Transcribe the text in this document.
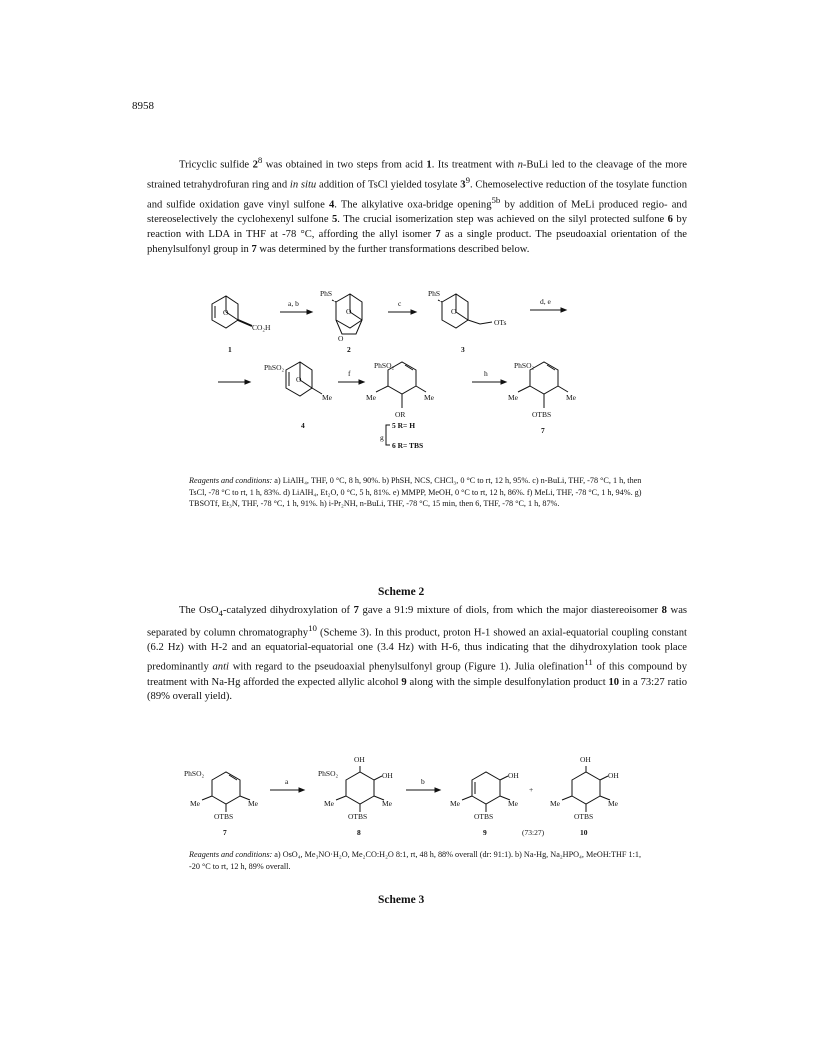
8958

Tricyclic sulfide $2^8$ was obtained in two steps from acid 1. Its treatment with n-BuLi led to the cleavage of the more strained tetrahydrofuran ring and in situ addition of TsCl yielded tosylate $3^9$. Chemoselective reduction of the tosylate function and sulfide oxidation gave vinyl sulfone 4. The alkylative oxa-bridge opening$^{5b}$ by addition of MeLi produced regio- and stereoselectively the cyclohexenyl sulfone 5. The crucial isomerization step was achieved on the silyl protected sulfone 6 by reaction with LDA in THF at -78 °C, affording the allyl isomer 7 as a single product. The pseudoaxial orientation of the phenylsulfonyl group in 7 was determined by the further transformations described below.

O
CO₂H
1
a, b
PhS
O
O
2
c
PhS
O
OTs
3
d, e
PhSO₂
O
Me
4
f
PhSO₂
Me	Me
OR
g
5 R= H
6 R= TBS
h
PhSO₂
Me	Me
OTBS
7

Reagents and conditions: a) LiAlH₄, THF, 0 °C, 8 h, 90%. b) PhSH, NCS, CHCl₃, 0 °C to rt, 12 h, 95%. c) n-BuLi, THF, -78 °C, 1 h, then TsCl, -78 °C to rt, 1 h, 83%. d) LiAlH₄, Et₂O, 0 °C, 5 h, 81%. e) MMPP, MeOH, 0 °C to rt, 12 h, 86%. f) MeLi, THF, -78 °C, 1 h, 94%. g) TBSOTf, Et₃N, THF, -78 °C, 1 h, 91%. h) i-Pr₂NH, n-BuLi, THF, -78 °C, 15 min, then 6, THF, -78 °C, 1 h, 87%.

Scheme 2

The OsO$_4$-catalyzed dihydroxylation of 7 gave a 91:9 mixture of diols, from which the major diastereoisomer 8 was separated by column chromatography$^{10}$ (Scheme 3). In this product, proton H-1 showed an axial-equatorial coupling constant (6.2 Hz) with H-2 and an equatorial-equatorial one (3.4 Hz) with H-6, thus indicating that the dihydroxylation took place predominantly anti with regard to the pseudoaxial phenylsulfonyl group (Figure 1). Julia olefination$^{11}$ of this compound by treatment with Na-Hg afforded the expected allylic alcohol 9 along with the simple desulfonylation product 10 in a 73:27 ratio (89% overall yield).

PhSO₂
Me	Me
OTBS
7
a
OH
PhSO₂	OH
Me	Me
OTBS
8
b
OH
Me	Me
OTBS
9	(73:27)
+
OH
OH
Me	Me
OTBS
10

Reagents and conditions: a) OsO₄, Me₃NO·H₂O, Me₂CO:H₂O 8:1, rt, 48 h, 88% overall (dr: 91:1). b) Na-Hg, Na₂HPO₄, MeOH:THF 1:1, -20 °C to rt, 12 h, 89% overall.

Scheme 3
